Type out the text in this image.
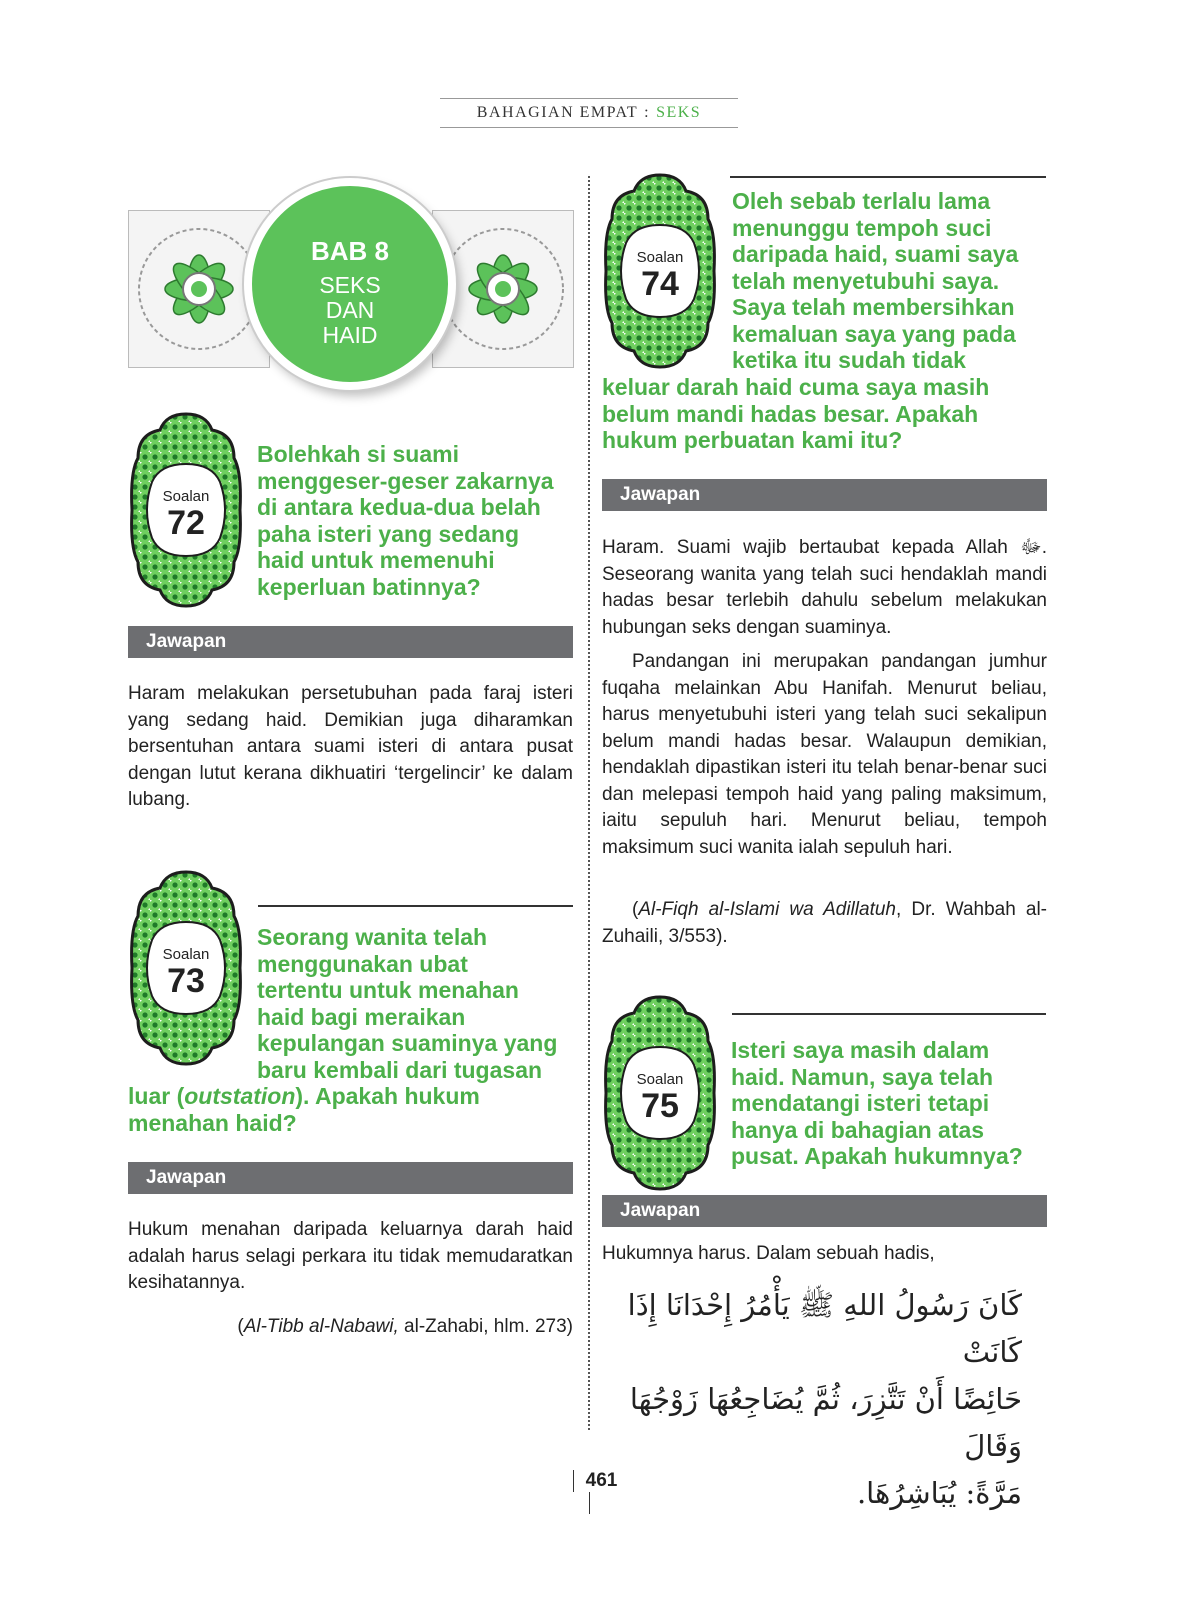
BAHAGIAN EMPAT : SEKS
BAB 8
SEKS
DAN
HAID
Soalan
72
Bolehkah si suami
menggeser-geser zakarnya
di antara kedua-dua belah
paha isteri yang sedang
haid untuk memenuhi
keperluan batinnya?
Jawapan

Haram melakukan persetubuhan pada faraj isteri yang sedang haid. Demikian juga diharamkan bersentuhan antara suami isteri di antara pusat dengan lutut kerana dikhuatiri ‘tergelincir’ ke dalam lubang.

Soalan
73
Seorang wanita telah
menggunakan ubat
tertentu untuk menahan
haid bagi meraikan
kepulangan suaminya yang
baru kembali dari tugasan
luar (outstation). Apakah hukum
menahan haid?
Jawapan

Hukum menahan daripada keluarnya darah haid adalah harus selagi perkara itu tidak memudaratkan kesihatannya.

(Al-Tibb al-Nabawi, al-Zahabi, hlm. 273)
Soalan
74
Oleh sebab terlalu lama
menunggu tempoh suci
daripada haid, suami saya
telah menyetubuhi saya.
Saya telah membersihkan
kemaluan saya yang pada
ketika itu sudah tidak
keluar darah haid cuma saya masih
belum mandi hadas besar. Apakah
hukum perbuatan kami itu?
Jawapan

Haram. Suami wajib bertaubat kepada Allah ﷻ. Seseorang wanita yang telah suci hendaklah mandi hadas besar terlebih dahulu sebelum melakukan hubungan seks dengan suaminya.

Pandangan ini merupakan pandangan jumhur fuqaha melainkan Abu Hanifah. Menurut beliau, harus menyetubuhi isteri yang telah suci sekalipun belum mandi hadas besar. Walaupun demikian, hendaklah dipastikan isteri itu telah benar-benar suci dan melepasi tempoh haid yang paling maksimum, iaitu sepuluh hari. Menurut beliau, tempoh maksimum suci wanita ialah sepuluh hari.

(Al-Fiqh al-Islami wa Adillatuh, Dr. Wahbah al-Zuhaili, 3/553).
Soalan
75
Isteri saya masih dalam
haid. Namun, saya telah
mendatangi isteri tetapi
hanya di bahagian atas
pusat. Apakah hukumnya?
Jawapan

Hukumnya harus. Dalam sebuah hadis,

كَانَ رَسُولُ اللهِ ﷺ يَأْمُرُ إِحْدَانَا إِذَا كَانَتْ
حَائِضًا أَنْ تَتَّزِرَ، ثُمَّ يُضَاجِعُهَا زَوْجُهَا وَقَالَ
مَرَّةً: يُبَاشِرُهَا.
461
